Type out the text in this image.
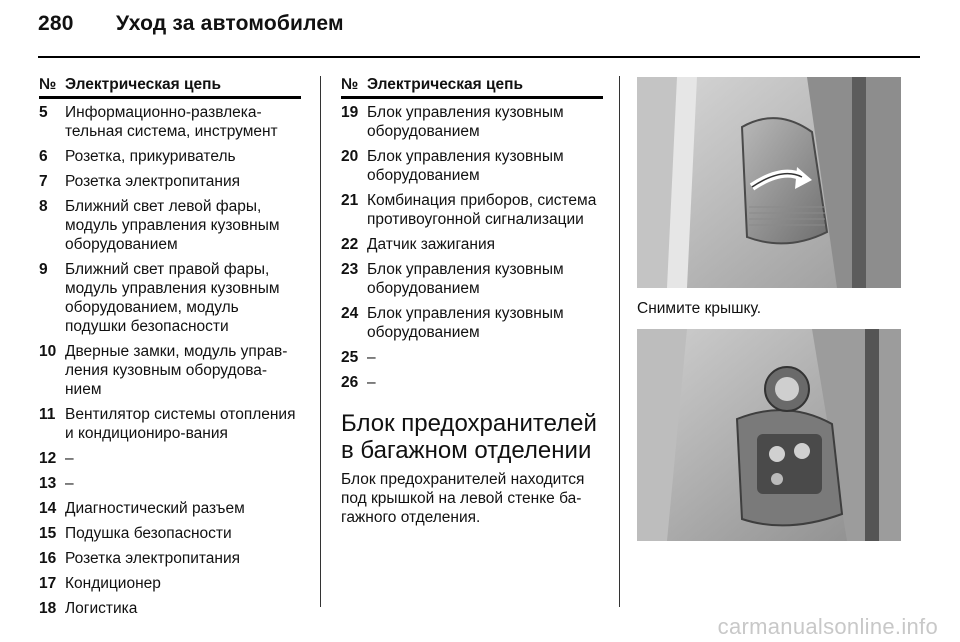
280 Уход за автомобилем
№ Электрическая цепь
5	Информационно-развлека-тельная система, инструмент
6	Розетка, прикуриватель
7	Розетка электропитания
8	Ближний свет левой фары, модуль управления кузовным оборудованием
9	Ближний свет правой фары, модуль управления кузовным оборудованием, модуль подушки безопасности
10 Дверные замки, модуль управ-ления кузовным оборудова-нием
11 Вентилятор системы отопления и кондициониро-вания
12 –
13 –
14 Диагностический разъем
15 Подушка безопасности
16 Розетка электропитания
17 Кондиционер
18 Логистика
№ Электрическая цепь
19 Блок управления кузовным оборудованием
20 Блок управления кузовным оборудованием
21 Комбинация приборов, система противоугонной сигнализации
22 Датчик зажигания
23 Блок управления кузовным оборудованием
24 Блок управления кузовным оборудованием
25 –
26 –
Блок предохранителей в багажном отделении
Блок предохранителей находится под крышкой на левой стенке ба-гажного отделения.
Снимите крышку.
carmanualsonline.info
